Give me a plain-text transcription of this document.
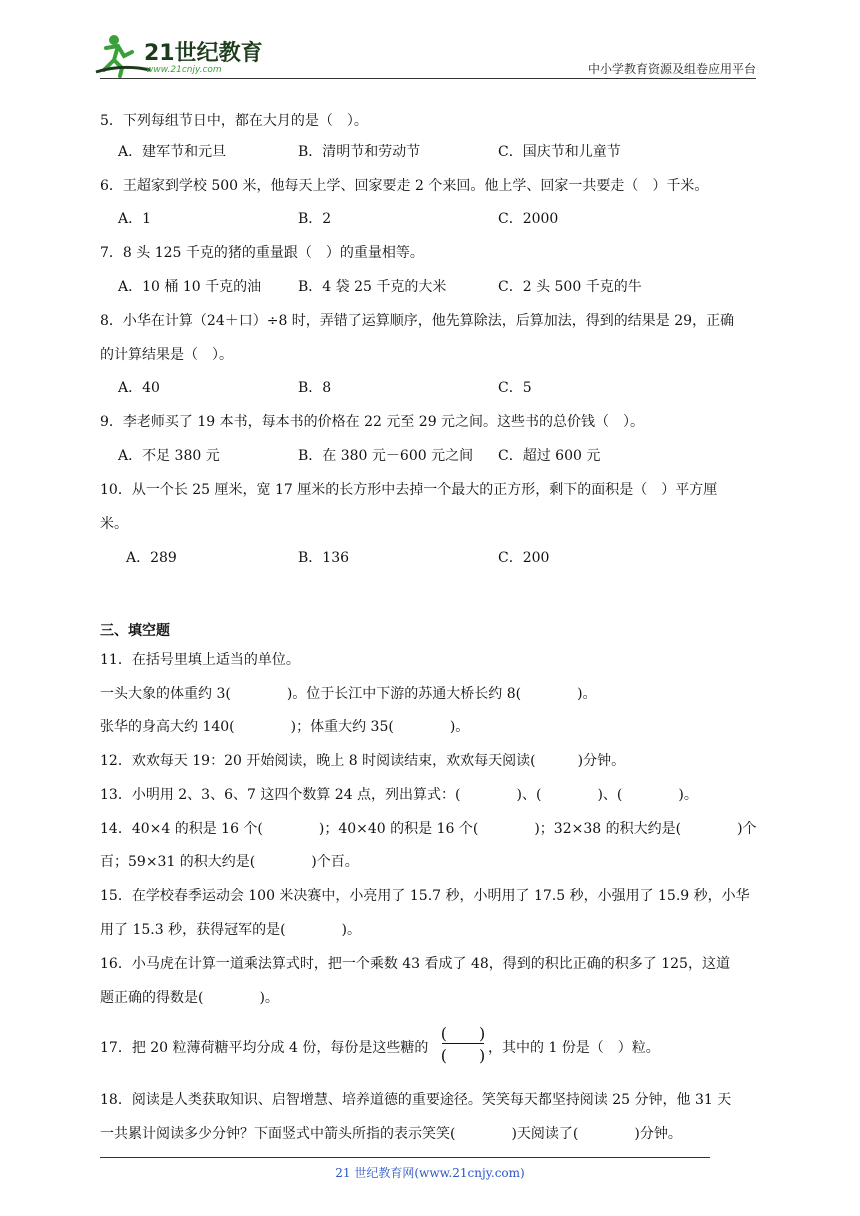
21世纪教育
www.21cnjy.com	中小学教育资源及组卷应用平台
5．下列每组节日中，都在大月的是（　）。
A．建军节和元旦	B．清明节和劳动节	C．国庆节和儿童节
6．王超家到学校 500 米，他每天上学、回家要走 2 个来回。他上学、回家一共要走（　）千米。
A．1	B．2	C．2000
7．8 头 125 千克的猪的重量跟（　）的重量相等。
A．10 桶 10 千克的油	B．4 袋 25 千克的大米	C．2 头 500 千克的牛
8．小华在计算（24＋口）÷8 时，弄错了运算顺序，他先算除法，后算加法，得到的结果是 29，正确
的计算结果是（　）。
A．40	B．8	C．5
9．李老师买了 19 本书，每本书的价格在 22 元至 29 元之间。这些书的总价钱（　）。
A．不足 380 元	B．在 380 元－600 元之间 C．超过 600 元
10．从一个长 25 厘米，宽 17 厘米的长方形中去掉一个最大的正方形，剩下的面积是（　）平方厘
米。
A．289	B．136	C．200
三、填空题
11．在括号里填上适当的单位。
一头大象的体重约 3(　　　　)。位于长江中下游的苏通大桥长约 8(　　　　)。
张华的身高大约 140(　　　　)；体重大约 35(　　　　)。
12．欢欢每天 19：20 开始阅读，晚上 8 时阅读结束，欢欢每天阅读(　　　)分钟。
13．小明用 2、3、6、7 这四个数算 24 点，列出算式：(　　　　)、(　　　　)、(　　　　)。
14．40×4 的积是 16 个(　　　　)；40×40 的积是 16 个(　　　　)；32×38 的积大约是(　　　　)个
百；59×31 的积大约是(　　　　)个百。
15．在学校春季运动会 100 米决赛中，小亮用了 15.7 秒，小明用了 17.5 秒，小强用了 15.9 秒，小华
用了 15.3 秒，获得冠军的是(　　　　)。
16．小马虎在计算一道乘法算式时，把一个乘数 43 看成了 48，得到的积比正确的积多了 125，这道
题正确的得数是(　　　　)。
17．把 20 粒薄荷糖平均分成 4 份，每份是这些糖的
(　　)
(　　) ，其中的 1 份是（　）粒。
18．阅读是人类获取知识、启智增慧、培养道德的重要途径。笑笑每天都坚持阅读 25 分钟，他 31 天
一共累计阅读多少分钟？下面竖式中箭头所指的表示笑笑(　　　　)天阅读了(　　　　)分钟。
21 世纪教育网(www.21cnjy.com)
